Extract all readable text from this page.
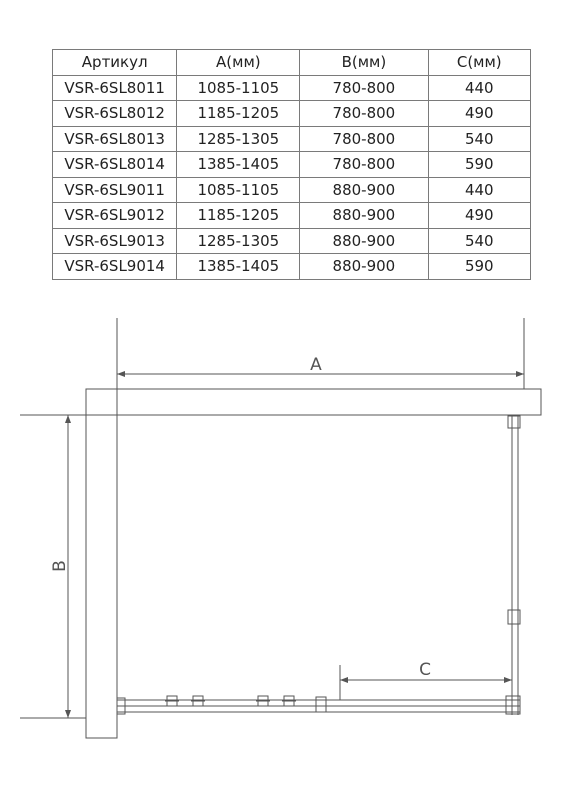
Артикул	A(мм)	B(мм)	C(мм)
VSR-6SL8011	1085-1105	780-800	440
VSR-6SL8012	1185-1205	780-800	490
VSR-6SL8013	1285-1305	780-800	540
VSR-6SL8014	1385-1405	780-800	590
VSR-6SL9011	1085-1105	880-900	440
VSR-6SL9012	1185-1205	880-900	490
VSR-6SL9013	1285-1305	880-900	540
VSR-6SL9014	1385-1405	880-900	590
A
B
C
